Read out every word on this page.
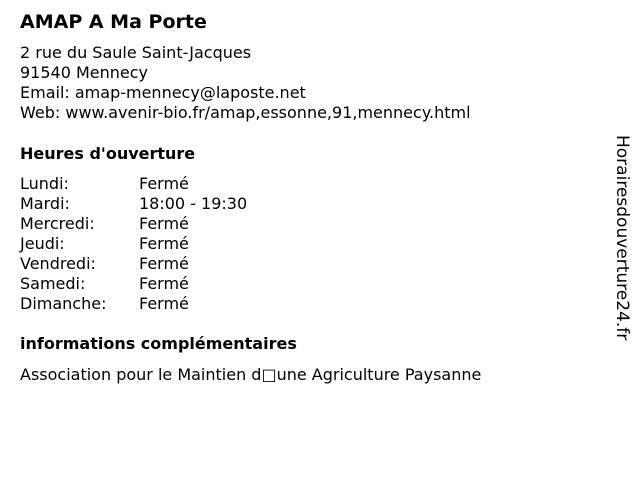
AMAP A Ma Porte
2 rue du Saule Saint-Jacques
91540 Mennecy
Email: amap-mennecy@laposte.net
Web: www.avenir-bio.fr/amap,essonne,91,mennecy.html
Heures d'ouverture
Lundi:	Fermé
Mardi:	18:00 - 19:30
Mercredi:	Fermé
Jeudi:	Fermé
Vendredi:	Fermé
Samedi:	Fermé
Dimanche: Fermé
informations complémentaires
Association pour le Maintien d□une Agriculture Paysanne
Horairesdouverture24.fr
